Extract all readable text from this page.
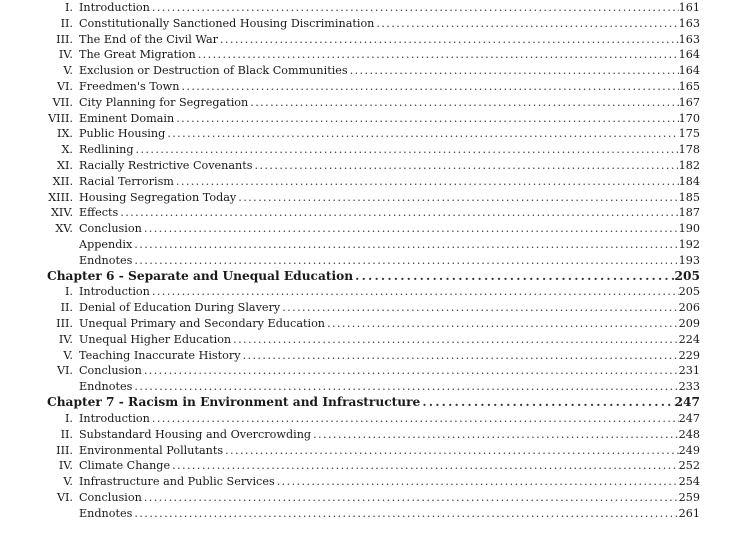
I. Introduction .....	161
II. Constitutionally Sanctioned Housing Discrimination .....	163
III. The End of the Civil War .....	163
IV. The Great Migration .....	164
V. Exclusion or Destruction of Black Communities .....	164
VI. Freedmen's Town .....	165
VII. City Planning for Segregation .....	167
VIII. Eminent Domain .....	170
IX. Public Housing .....	175
X. Redlining .....	178
XI. Racially Restrictive Covenants .....	182
XII. Racial Terrorism .....	184
XIII. Housing Segregation Today .....	185
XIV. Effects .....	187
XV. Conclusion .....	190
Appendix .....	192
Endnotes .....	193
Chapter 6 - Separate and Unequal Education .....	205
I. Introduction .....	205
II. Denial of Education During Slavery .....	206
III. Unequal Primary and Secondary Education .....	209
IV. Unequal Higher Education .....	224
V. Teaching Inaccurate History .....	229
VI. Conclusion .....	231
Endnotes .....	233
Chapter 7 - Racism in Environment and Infrastructure .....	247
I. Introduction .....	247
II. Substandard Housing and Overcrowding .....	248
III. Environmental Pollutants .....	249
IV. Climate Change .....	252
V. Infrastructure and Public Services .....	254
VI. Conclusion .....	259
Endnotes .....	261
